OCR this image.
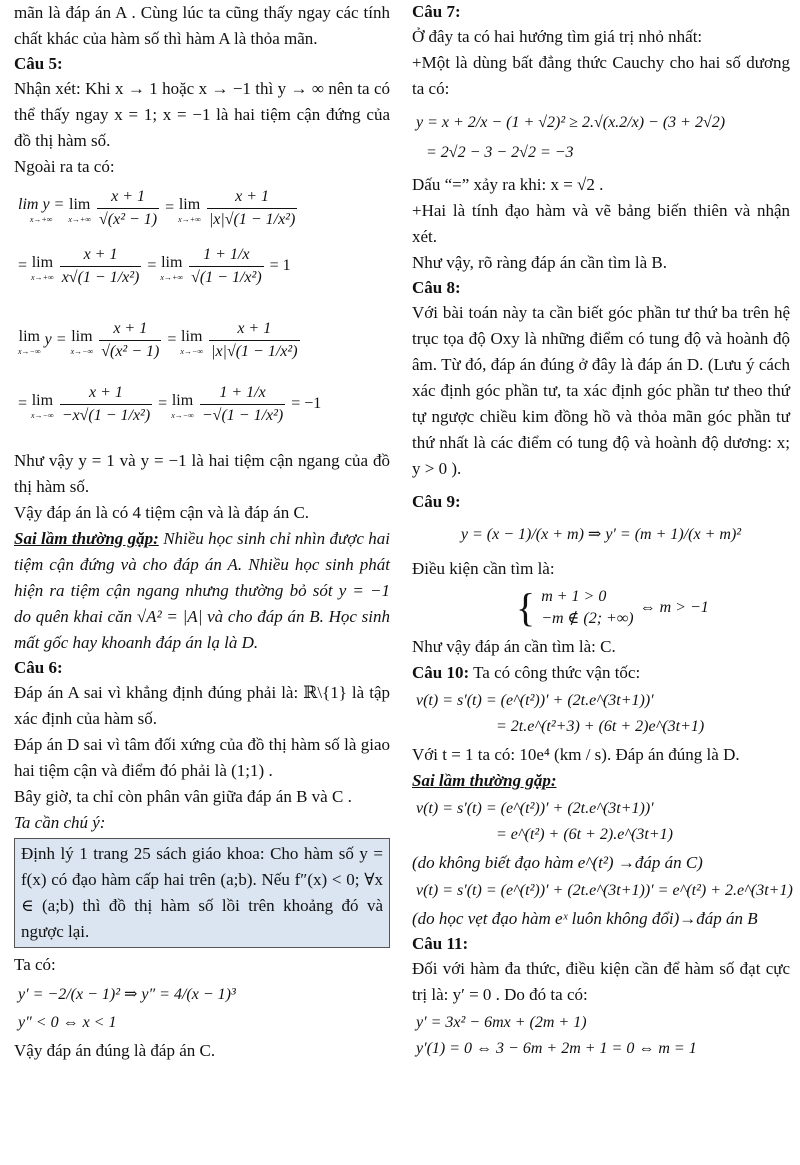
mãn là đáp án A . Cùng lúc ta cũng thấy ngay các tính chất khác của hàm số thì hàm A là thỏa mãn.

Câu 5:

Nhận xét: Khi x → 1 hoặc x → −1 thì y → ∞ nên ta có thể thấy ngay x = 1; x = −1 là hai tiệm cận đứng của đồ thị hàm số.

Ngoài ra ta có:

lim y =
x→+∞
lim
x→+∞
$\frac{x + 1}{\text{√(x² − 1)}} = \lim$
x→+∞
$\frac{x + 1}{\text{|x|√(1 − 1/x²)}}$
= lim
x→+∞
$\frac{x + 1}{\text{x√(1 − 1/x²)}} = \lim$
x→+∞
$\frac{1 + 1/x}{\text{√(1 − 1/x²)}} = 1$
lim
x→−∞
y = lim
x→−∞
$\frac{x + 1}{\text{√(x² − 1)}} = \lim$
x→−∞
$\frac{x + 1}{\text{|x|√(1 − 1/x²)}}$
= lim
x→−∞
$\frac{x + 1}{\text{−x√(1 − 1/x²)}} = \lim$
x→−∞
$\frac{1 + 1/x}{\text{−√(1 − 1/x²)}} = -1$

Như vậy y = 1 và y = −1 là hai tiệm cận ngang của đồ thị hàm số.

Vậy đáp án là có 4 tiệm cận và là đáp án C.

Sai lầm thường gặp: Nhiều học sinh chỉ nhìn được hai tiệm cận đứng và cho đáp án A. Nhiều học sinh phát hiện ra tiệm cận ngang nhưng thường bỏ sót y = −1 do quên khai căn √A² = |A| và cho đáp án B. Học sinh mất gốc hay khoanh đáp án lạ là D.

Câu 6:

Đáp án A sai vì khẳng định đúng phải là: ℝ\{1} là tập xác định của hàm số.

Đáp án D sai vì tâm đối xứng của đồ thị hàm số là giao hai tiệm cận và điểm đó phải là (1;1) .

Bây giờ, ta chỉ còn phân vân giữa đáp án B và C .

Ta cần chú ý:

Định lý 1 trang 25 sách giáo khoa: Cho hàm số y = f(x) có đạo hàm cấp hai trên (a;b). Nếu f″(x) < 0; ∀x ∈ (a;b) thì đồ thị hàm số lồi trên khoảng đó và ngược lại.

Ta có:

y′ = −2/(x − 1)² ⇒ y″ = 4/(x − 1)³
y″ < 0 ⇔ x < 1

Vậy đáp án đúng là đáp án C.

Câu 7:

Ở đây ta có hai hướng tìm giá trị nhỏ nhất:

+Một là dùng bất đẳng thức Cauchy cho hai số dương ta có:

y = x + 2/x − (1 + √2)² ≥ 2.√(x.2/x) − (3 + 2√2)
= 2√2 − 3 − 2√2 = −3

Dấu “=” xảy ra khi: x = √2 .

+Hai là tính đạo hàm và vẽ bảng biến thiên và nhận xét.

Như vậy, rõ ràng đáp án cần tìm là B.

Câu 8:

Với bài toán này ta cần biết góc phần tư thứ ba trên hệ trục tọa độ Oxy là những điểm có tung độ và hoành độ âm. Từ đó, đáp án đúng ở đây là đáp án D. (Lưu ý cách xác định góc phần tư, ta xác định góc phần tư theo thứ tự ngược chiều kim đồng hồ và thỏa mãn góc phần tư thứ nhất là các điểm có tung độ và hoành độ dương: x; y > 0 ).

Câu 9:

y = (x − 1)/(x + m) ⇒ y′ = (m + 1)/(x + m)²

Điều kiện cần tìm là:

{ m + 1 > 0
−m ∉ (2; +∞)
⇔ m > −1

Như vậy đáp án cần tìm là: C.

Câu 10: Ta có công thức vận tốc:

v(t) = s′(t) = (e^(t²))′ + (2t.e^(3t+1))′
= 2t.e^(t²+3) + (6t + 2)e^(3t+1)

Với t = 1 ta có: 10e⁴ (km / s). Đáp án đúng là D.

Sai lầm thường gặp:

v(t) = s′(t) = (e^(t²))′ + (2t.e^(3t+1))′
= e^(t²) + (6t + 2).e^(3t+1)

(do không biết đạo hàm e^(t²) →đáp án C)

v(t) = s′(t) = (e^(t²))′ + (2t.e^(3t+1))′ = e^(t²) + 2.e^(3t+1)

(do học vẹt đạo hàm eˣ luôn không đổi)→đáp án B

Câu 11:

Đối với hàm đa thức, điều kiện cần để hàm số đạt cực trị là: y′ = 0 . Do đó ta có:

y′ = 3x² − 6mx + (2m + 1)
y′(1) = 0 ⇔ 3 − 6m + 2m + 1 = 0 ⇔ m = 1
